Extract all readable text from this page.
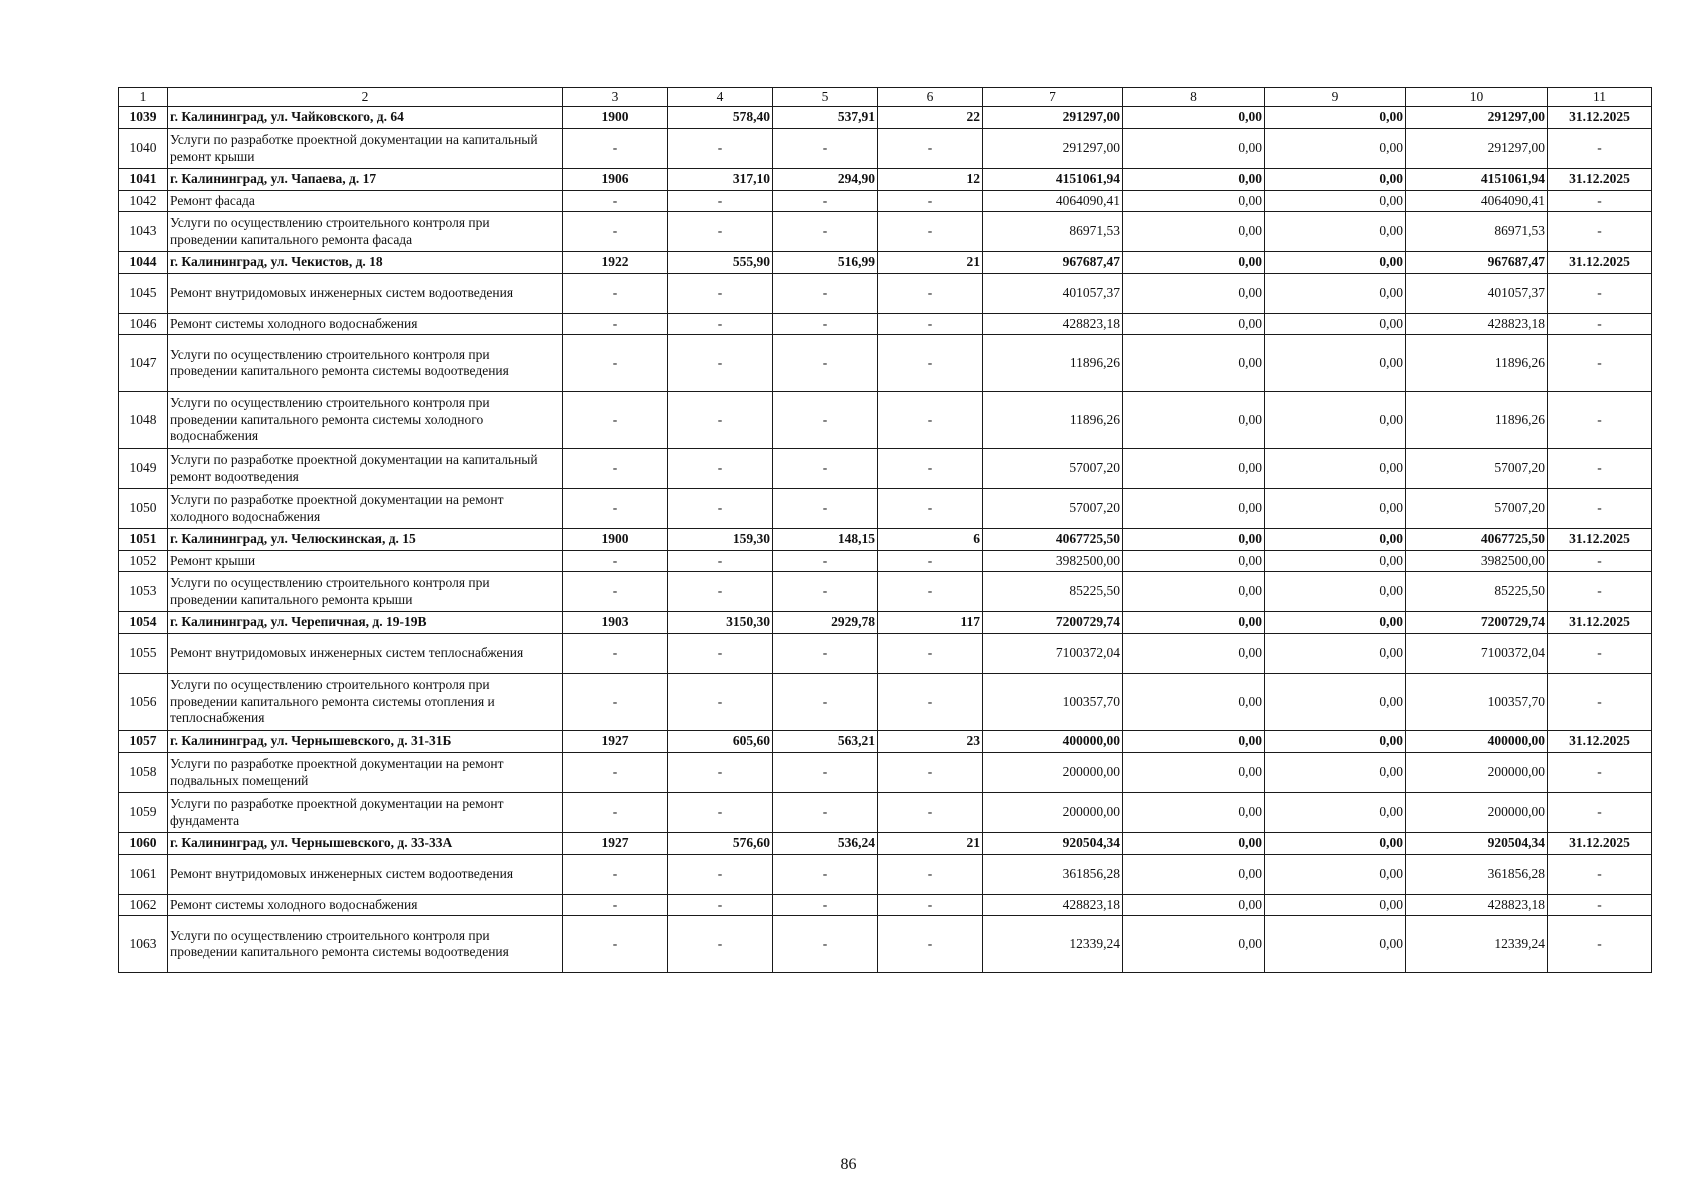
1	2	3	4	5	6	7	8	9	10	11
1039	г. Калининград, ул. Чайковского, д. 64	1900	578,40	537,91	22	291297,00	0,00	0,00	291297,00	31.12.2025
1040	Услуги по разработке проектной документации на капитальный ремонт крыши	-	-	-	-	291297,00	0,00	0,00	291297,00	-
1041	г. Калининград, ул. Чапаева, д. 17	1906	317,10	294,90	12	4151061,94	0,00	0,00	4151061,94	31.12.2025
1042	Ремонт фасада	-	-	-	-	4064090,41	0,00	0,00	4064090,41	-
1043	Услуги по осуществлению строительного контроля при проведении капитального ремонта фасада	-	-	-	-	86971,53	0,00	0,00	86971,53	-
1044	г. Калининград, ул. Чекистов, д. 18	1922	555,90	516,99	21	967687,47	0,00	0,00	967687,47	31.12.2025
1045	Ремонт внутридомовых инженерных систем водоотведения	-	-	-	-	401057,37	0,00	0,00	401057,37	-
1046	Ремонт системы холодного водоснабжения	-	-	-	-	428823,18	0,00	0,00	428823,18	-
1047	Услуги по осуществлению строительного контроля при проведении капитального ремонта системы водоотведения	-	-	-	-	11896,26	0,00	0,00	11896,26	-
1048	Услуги по осуществлению строительного контроля при проведении капитального ремонта системы холодного водоснабжения	-	-	-	-	11896,26	0,00	0,00	11896,26	-
1049	Услуги по разработке проектной документации на капитальный ремонт водоотведения	-	-	-	-	57007,20	0,00	0,00	57007,20	-
1050	Услуги по разработке проектной документации на ремонт холодного водоснабжения	-	-	-	-	57007,20	0,00	0,00	57007,20	-
1051	г. Калининград, ул. Челюскинская, д. 15	1900	159,30	148,15	6	4067725,50	0,00	0,00	4067725,50	31.12.2025
1052	Ремонт крыши	-	-	-	-	3982500,00	0,00	0,00	3982500,00	-
1053	Услуги по осуществлению строительного контроля при проведении капитального ремонта крыши	-	-	-	-	85225,50	0,00	0,00	85225,50	-
1054	г. Калининград, ул. Черепичная, д. 19-19В	1903	3150,30	2929,78	117	7200729,74	0,00	0,00	7200729,74	31.12.2025
1055	Ремонт внутридомовых инженерных систем теплоснабжения	-	-	-	-	7100372,04	0,00	0,00	7100372,04	-
1056	Услуги по осуществлению строительного контроля при проведении капитального ремонта системы отопления и теплоснабжения	-	-	-	-	100357,70	0,00	0,00	100357,70	-
1057	г. Калининград, ул. Чернышевского, д. 31-31Б	1927	605,60	563,21	23	400000,00	0,00	0,00	400000,00	31.12.2025
1058	Услуги по разработке проектной документации на ремонт подвальных помещений	-	-	-	-	200000,00	0,00	0,00	200000,00	-
1059	Услуги по разработке проектной документации на ремонт фундамента	-	-	-	-	200000,00	0,00	0,00	200000,00	-
1060	г. Калининград, ул. Чернышевского, д. 33-33А	1927	576,60	536,24	21	920504,34	0,00	0,00	920504,34	31.12.2025
1061	Ремонт внутридомовых инженерных систем водоотведения	-	-	-	-	361856,28	0,00	0,00	361856,28	-
1062	Ремонт системы холодного водоснабжения	-	-	-	-	428823,18	0,00	0,00	428823,18	-
1063	Услуги по осуществлению строительного контроля при проведении капитального ремонта системы водоотведения	-	-	-	-	12339,24	0,00	0,00	12339,24	-
86
